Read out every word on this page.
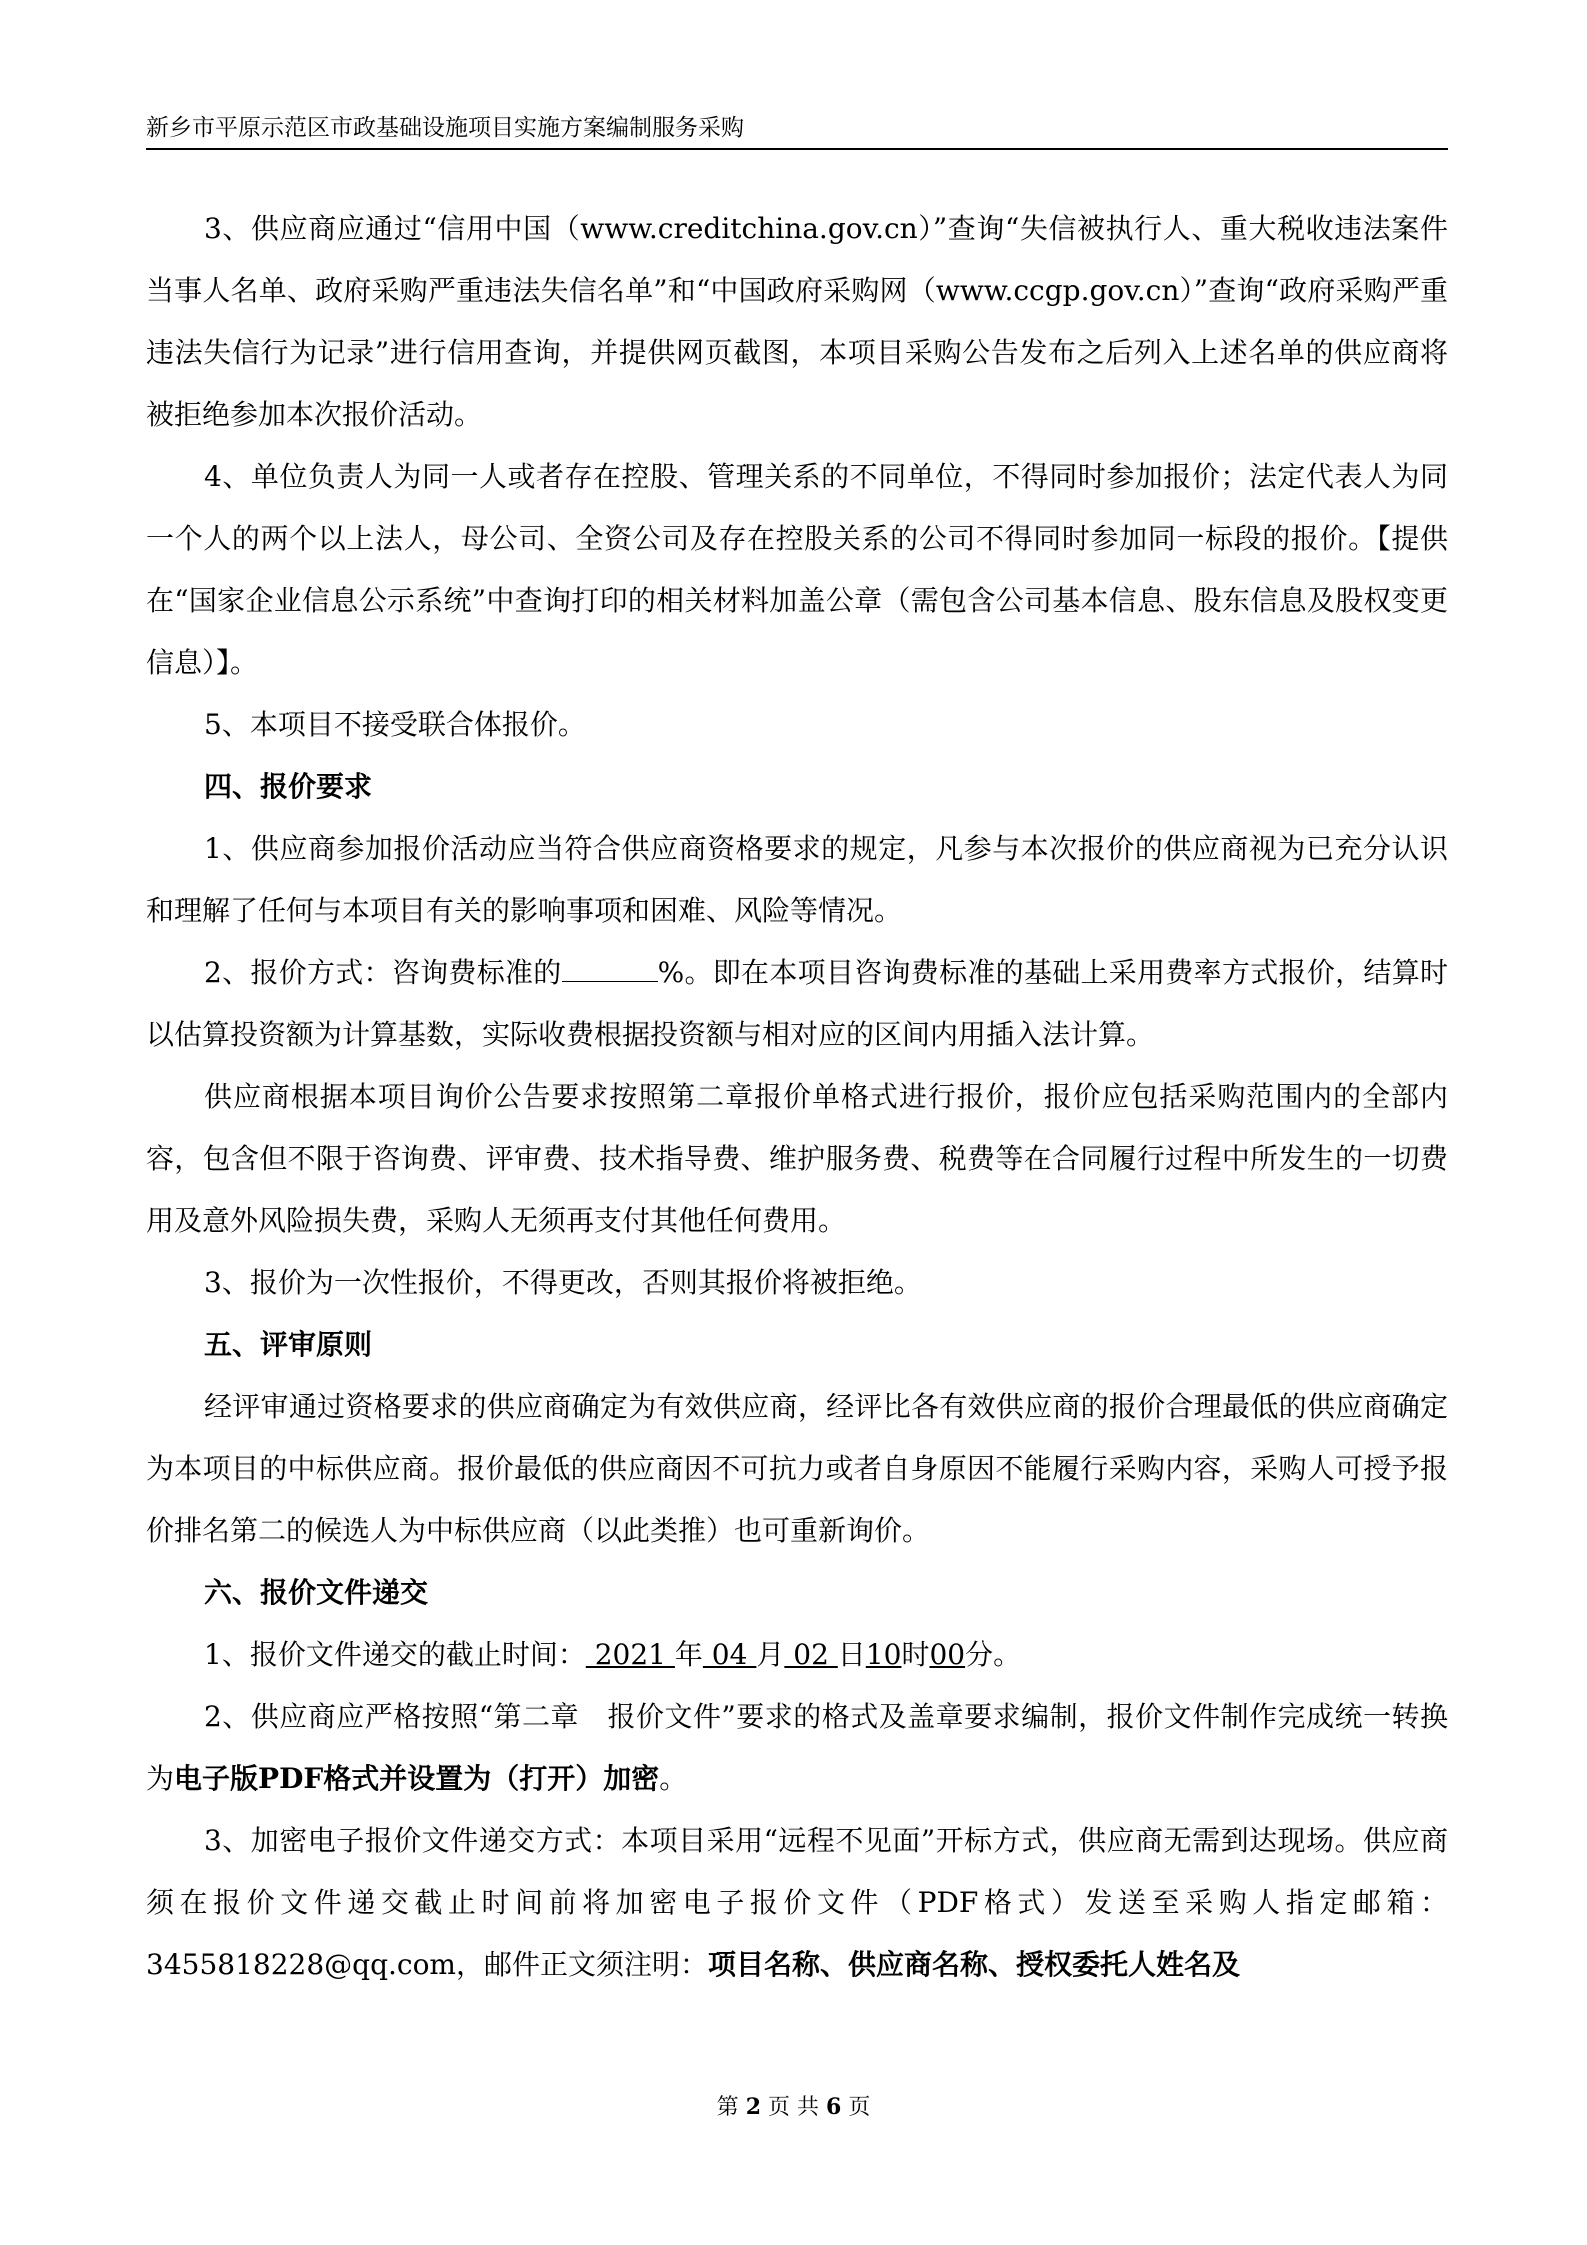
新乡市平原示范区市政基础设施项目实施方案编制服务采购

3、供应商应通过“信用中国（www.creditchina.gov.cn）”查询“失信被执行人、重大税收违法案件当事人名单、政府采购严重违法失信名单”和“中国政府采购网（www.ccgp.gov.cn）”查询“政府采购严重违法失信行为记录”进行信用查询，并提供网页截图，本项目采购公告发布之后列入上述名单的供应商将被拒绝参加本次报价活动。

4、单位负责人为同一人或者存在控股、管理关系的不同单位，不得同时参加报价；法定代表人为同一个人的两个以上法人，母公司、全资公司及存在控股关系的公司不得同时参加同一标段的报价。【提供在“国家企业信息公示系统”中查询打印的相关材料加盖公章（需包含公司基本信息、股东信息及股权变更信息）】。

5、本项目不接受联合体报价。

四、报价要求

1、供应商参加报价活动应当符合供应商资格要求的规定，凡参与本次报价的供应商视为已充分认识和理解了任何与本项目有关的影响事项和困难、风险等情况。

2、报价方式：咨询费标准的	%。即在本项目咨询费标准的基础上采用费率方式报价，结算时以估算投资额为计算基数，实际收费根据投资额与相对应的区间内用插入法计算。

供应商根据本项目询价公告要求按照第二章报价单格式进行报价，报价应包括采购范围内的全部内容，包含但不限于咨询费、评审费、技术指导费、维护服务费、税费等在合同履行过程中所发生的一切费用及意外风险损失费，采购人无须再支付其他任何费用。

3、报价为一次性报价，不得更改，否则其报价将被拒绝。

五、评审原则

经评审通过资格要求的供应商确定为有效供应商，经评比各有效供应商的报价合理最低的供应商确定为本项目的中标供应商。报价最低的供应商因不可抗力或者自身原因不能履行采购内容，采购人可授予报价排名第二的候选人为中标供应商（以此类推）也可重新询价。

六、报价文件递交

1、报价文件递交的截止时间： 2021 年 04 月 02 日10时00分。

2、供应商应严格按照“第二章　报价文件”要求的格式及盖章要求编制，报价文件制作完成统一转换为电子版PDF格式并设置为（打开）加密。

3、加密电子报价文件递交方式：本项目采用“远程不见面”开标方式，供应商无需到达现场。供应商须在报价文件递交截止时间前将加密电子报价文件（PDF格式）发送至采购人指定邮箱：3455818228@qq.com，邮件正文须注明：项目名称、供应商名称、授权委托人姓名及

第 2 页 共 6 页
